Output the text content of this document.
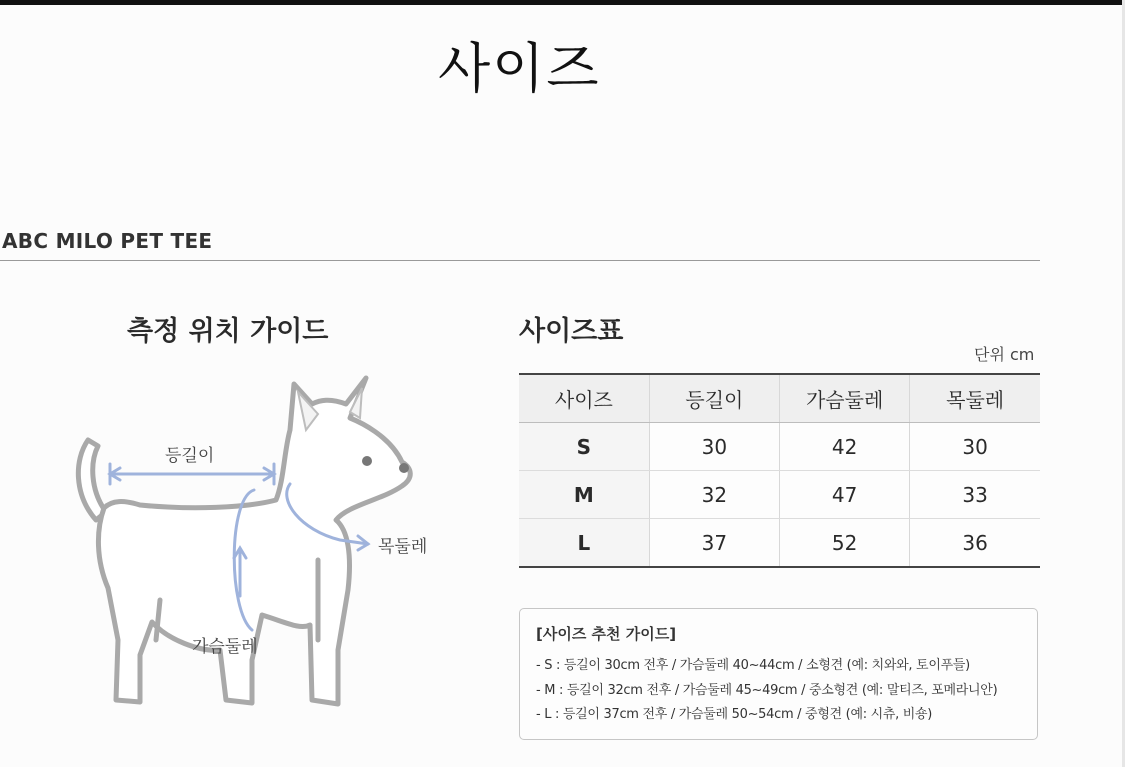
사이즈
ABC MILO PET TEE
측정 위치 가이드	사이즈표
단위 cm
등길이
목둘레
가슴둘레
사이즈	등길이	가슴둘레	목둘레
S	30	42	30
M	32	47	33
L	37	52	36
[사이즈 추천 가이드]
- S : 등길이 30cm 전후 / 가슴둘레 40~44cm / 소형견 (예: 치와와, 토이푸들)
- M : 등길이 32cm 전후 / 가슴둘레 45~49cm / 중소형견 (예: 말티즈, 포메라니안)
- L : 등길이 37cm 전후 / 가슴둘레 50~54cm / 중형견 (예: 시츄, 비숑)
